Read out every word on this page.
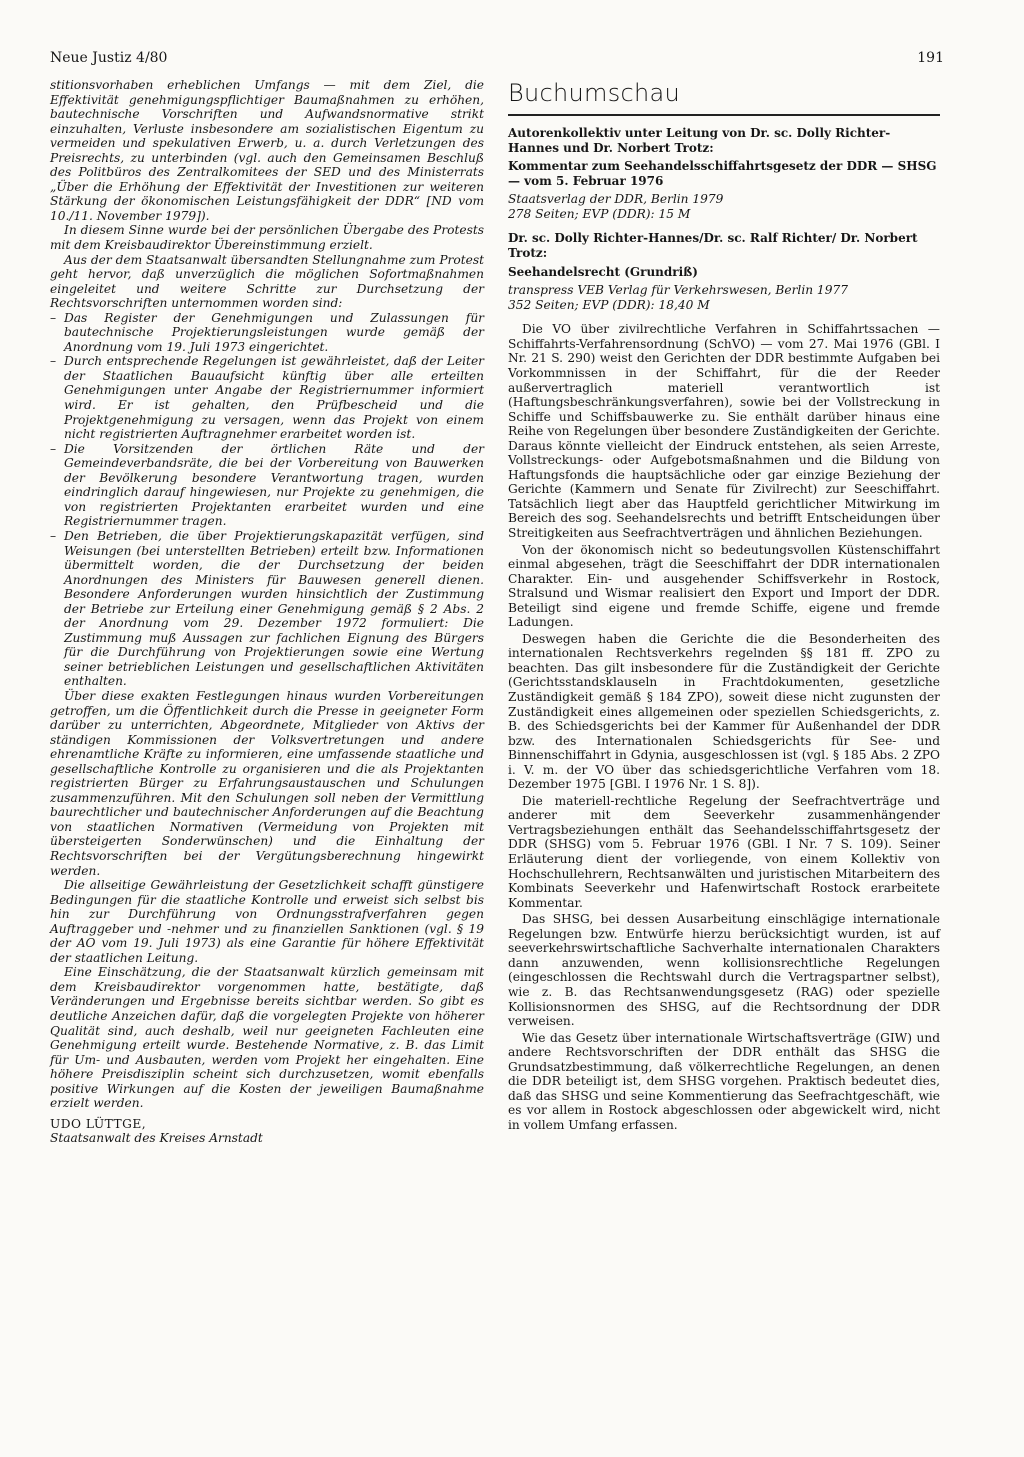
Neue Justiz 4/80	191

stitionsvorhaben erheblichen Umfangs — mit dem Ziel, die Effektivität genehmigungspflichtiger Baumaßnahmen zu erhöhen, bautechnische Vorschriften und Aufwandsnormative strikt einzuhalten, Verluste insbesondere am sozialistischen Eigentum zu vermeiden und spekulativen Erwerb, u. a. durch Verletzungen des Preisrechts, zu unterbinden (vgl. auch den Gemeinsamen Beschluß des Politbüros des Zentralkomitees der SED und des Ministerrats „Über die Erhöhung der Effektivität der Investitionen zur weiteren Stärkung der ökonomischen Leistungsfähigkeit der DDR“ [ND vom 10./11. November 1979]).

In diesem Sinne wurde bei der persönlichen Übergabe des Protests mit dem Kreisbaudirektor Übereinstimmung erzielt.

Aus der dem Staatsanwalt übersandten Stellungnahme zum Protest geht hervor, daß unverzüglich die möglichen Sofortmaßnahmen eingeleitet und weitere Schritte zur Durchsetzung der Rechtsvorschriften unternommen worden sind:

– Das Register der Genehmigungen und Zulassungen für bautechnische Projektierungsleistungen wurde gemäß der Anordnung vom 19. Juli 1973 eingerichtet.
– Durch entsprechende Regelungen ist gewährleistet, daß der Leiter der Staatlichen Bauaufsicht künftig über alle erteilten Genehmigungen unter Angabe der Registriernummer informiert wird. Er ist gehalten, den Prüfbescheid und die Projektgenehmigung zu versagen, wenn das Projekt von einem nicht registrierten Auftragnehmer erarbeitet worden ist.
– Die Vorsitzenden der örtlichen Räte und der Gemeindeverbandsräte, die bei der Vorbereitung von Bauwerken der Bevölkerung besondere Verantwortung tragen, wurden eindringlich darauf hingewiesen, nur Projekte zu genehmigen, die von registrierten Projektanten erarbeitet wurden und eine Registriernummer tragen.
– Den Betrieben, die über Projektierungskapazität verfügen, sind Weisungen (bei unterstellten Betrieben) erteilt bzw. Informationen übermittelt worden, die der Durchsetzung der beiden Anordnungen des Ministers für Bauwesen generell dienen. Besondere Anforderungen wurden hinsichtlich der Zustimmung der Betriebe zur Erteilung einer Genehmigung gemäß § 2 Abs. 2 der Anordnung vom 29. Dezember 1972 formuliert: Die Zustimmung muß Aussagen zur fachlichen Eignung des Bürgers für die Durchführung von Projektierungen sowie eine Wertung seiner betrieblichen Leistungen und gesellschaftlichen Aktivitäten enthalten.

Über diese exakten Festlegungen hinaus wurden Vorbereitungen getroffen, um die Öffentlichkeit durch die Presse in geeigneter Form darüber zu unterrichten, Abgeordnete, Mitglieder von Aktivs der ständigen Kommissionen der Volksvertretungen und andere ehrenamtliche Kräfte zu informieren, eine umfassende staatliche und gesellschaftliche Kontrolle zu organisieren und die als Projektanten registrierten Bürger zu Erfahrungsaustauschen und Schulungen zusammenzuführen. Mit den Schulungen soll neben der Vermittlung baurechtlicher und bautechnischer Anforderungen auf die Beachtung von staatlichen Normativen (Vermeidung von Projekten mit übersteigerten Sonderwünschen) und die Einhaltung der Rechtsvorschriften bei der Vergütungsberechnung hingewirkt werden.

Die allseitige Gewährleistung der Gesetzlichkeit schafft günstigere Bedingungen für die staatliche Kontrolle und erweist sich selbst bis hin zur Durchführung von Ordnungsstrafverfahren gegen Auftraggeber und -nehmer und zu finanziellen Sanktionen (vgl. § 19 der AO vom 19. Juli 1973) als eine Garantie für höhere Effektivität der staatlichen Leitung.

Eine Einschätzung, die der Staatsanwalt kürzlich gemeinsam mit dem Kreisbaudirektor vorgenommen hatte, bestätigte, daß Veränderungen und Ergebnisse bereits sichtbar werden. So gibt es deutliche Anzeichen dafür, daß die vorgelegten Projekte von höherer Qualität sind, auch deshalb, weil nur geeigneten Fachleuten eine Genehmigung erteilt wurde. Bestehende Normative, z. B. das Limit für Um- und Ausbauten, werden vom Projekt her eingehalten. Eine höhere Preisdisziplin scheint sich durchzusetzen, womit ebenfalls positive Wirkungen auf die Kosten der jeweiligen Baumaßnahme erzielt werden.

UDO LÜTTGE,
Staatsanwalt des Kreises Arnstadt
Buchumschau
Autorenkollektiv unter Leitung von Dr. sc. Dolly Richter-Hannes und Dr. Norbert Trotz:
Kommentar zum Seehandelsschiffahrtsgesetz der DDR — SHSG — vom 5. Februar 1976
Staatsverlag der DDR, Berlin 1979
278 Seiten; EVP (DDR): 15 M
Dr. sc. Dolly Richter-Hannes/Dr. sc. Ralf Richter/ Dr. Norbert Trotz:
Seehandelsrecht (Grundriß)
transpress VEB Verlag für Verkehrswesen, Berlin 1977
352 Seiten; EVP (DDR): 18,40 M

Die VO über zivilrechtliche Verfahren in Schiffahrtssachen — Schiffahrts-Verfahrensordnung (SchVO) — vom 27. Mai 1976 (GBl. I Nr. 21 S. 290) weist den Gerichten der DDR bestimmte Aufgaben bei Vorkommnissen in der Schiffahrt, für die der Reeder außervertraglich materiell verantwortlich ist (Haftungsbeschränkungsverfahren), sowie bei der Vollstreckung in Schiffe und Schiffsbauwerke zu. Sie enthält darüber hinaus eine Reihe von Regelungen über besondere Zuständigkeiten der Gerichte. Daraus könnte vielleicht der Eindruck entstehen, als seien Arreste, Vollstreckungs- oder Aufgebotsmaßnahmen und die Bildung von Haftungsfonds die hauptsächliche oder gar einzige Beziehung der Gerichte (Kammern und Senate für Zivilrecht) zur Seeschiffahrt. Tatsächlich liegt aber das Hauptfeld gerichtlicher Mitwirkung im Bereich des sog. Seehandelsrechts und betrifft Entscheidungen über Streitigkeiten aus Seefrachtverträgen und ähnlichen Beziehungen.

Von der ökonomisch nicht so bedeutungsvollen Küstenschiffahrt einmal abgesehen, trägt die Seeschiffahrt der DDR internationalen Charakter. Ein- und ausgehender Schiffsverkehr in Rostock, Stralsund und Wismar realisiert den Export und Import der DDR. Beteiligt sind eigene und fremde Schiffe, eigene und fremde Ladungen.

Deswegen haben die Gerichte die die Besonderheiten des internationalen Rechtsverkehrs regelnden §§ 181 ff. ZPO zu beachten. Das gilt insbesondere für die Zuständigkeit der Gerichte (Gerichtsstandsklauseln in Frachtdokumenten, gesetzliche Zuständigkeit gemäß § 184 ZPO), soweit diese nicht zugunsten der Zuständigkeit eines allgemeinen oder speziellen Schiedsgerichts, z. B. des Schiedsgerichts bei der Kammer für Außenhandel der DDR bzw. des Internationalen Schiedsgerichts für See- und Binnenschiffahrt in Gdynia, ausgeschlossen ist (vgl. § 185 Abs. 2 ZPO i. V. m. der VO über das schiedsgerichtliche Verfahren vom 18. Dezember 1975 [GBl. I 1976 Nr. 1 S. 8]).

Die materiell-rechtliche Regelung der Seefrachtverträge und anderer mit dem Seeverkehr zusammenhängender Vertragsbeziehungen enthält das Seehandelsschiffahrtsgesetz der DDR (SHSG) vom 5. Februar 1976 (GBl. I Nr. 7 S. 109). Seiner Erläuterung dient der vorliegende, von einem Kollektiv von Hochschullehrern, Rechtsanwälten und juristischen Mitarbeitern des Kombinats Seeverkehr und Hafenwirtschaft Rostock erarbeitete Kommentar.

Das SHSG, bei dessen Ausarbeitung einschlägige internationale Regelungen bzw. Entwürfe hierzu berücksichtigt wurden, ist auf seeverkehrswirtschaftliche Sachverhalte internationalen Charakters dann anzuwenden, wenn kollisionsrechtliche Regelungen (eingeschlossen die Rechtswahl durch die Vertragspartner selbst), wie z. B. das Rechtsanwendungsgesetz (RAG) oder spezielle Kollisionsnormen des SHSG, auf die Rechtsordnung der DDR verweisen.

Wie das Gesetz über internationale Wirtschaftsverträge (GIW) und andere Rechtsvorschriften der DDR enthält das SHSG die Grundsatzbestimmung, daß völkerrechtliche Regelungen, an denen die DDR beteiligt ist, dem SHSG vorgehen. Praktisch bedeutet dies, daß das SHSG und seine Kommentierung das Seefrachtgeschäft, wie es vor allem in Rostock abgeschlossen oder abgewickelt wird, nicht in vollem Umfang erfassen.
